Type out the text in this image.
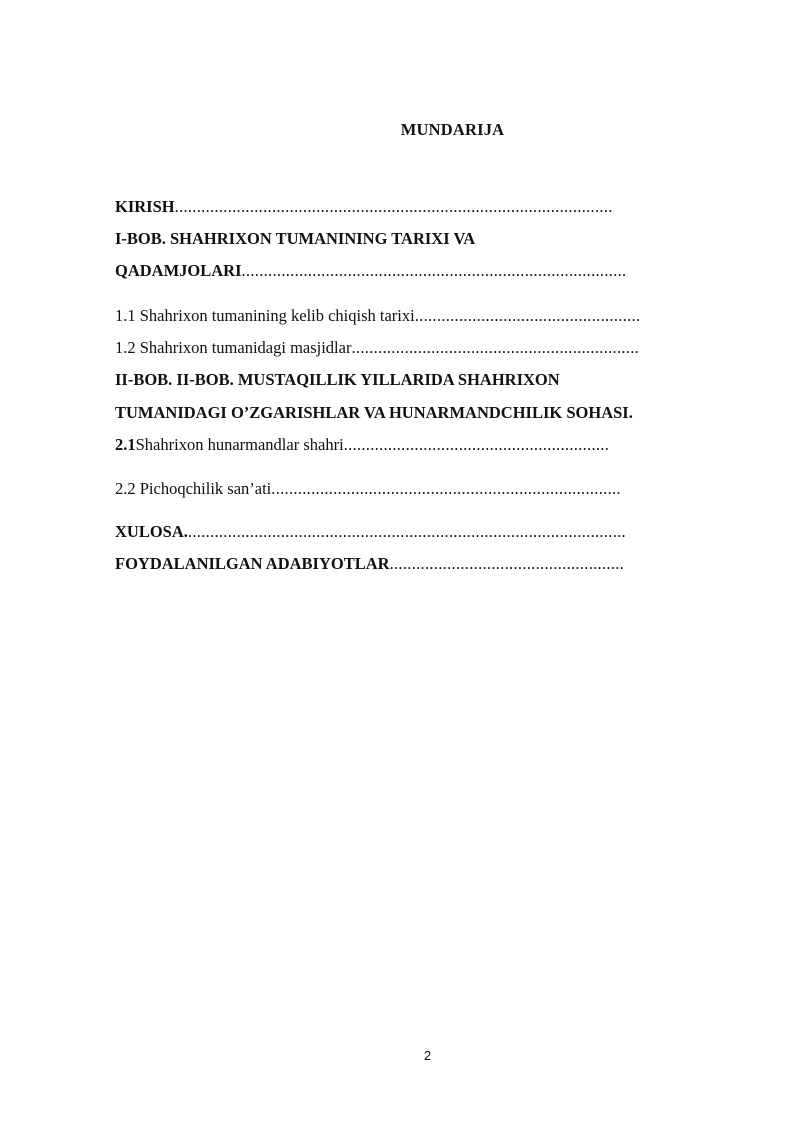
MUNDARIJA
KIRISH...................................................................................................
I-BOB. SHAHRIXON TUMANINING TARIXI VA
QADAMJOLARI.......................................................................................
1.1 Shahrixon tumanining kelib chiqish tarixi...................................................
1.2 Shahrixon tumanidagi masjidlar.................................................................
II-BOB. II-BOB. MUSTAQILLIK YILLARIDA SHAHRIXON
TUMANIDAGI O’ZGARISHLAR VA HUNARMANDCHILIK SOHASI.
2.1Shahrixon hunarmandlar shahri............................................................
2.2 Pichoqchilik san’ati...............................................................................
XULOSA....................................................................................................
FOYDALANILGAN ADABIYOTLAR.....................................................
2
